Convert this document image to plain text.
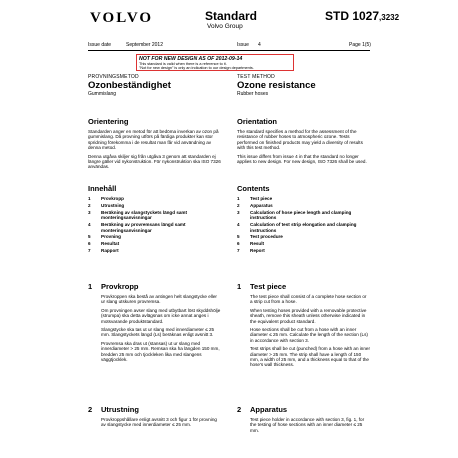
VOLVO	Standard
Volvo Group
STD 1027,3232
Issue date	September 2012	Issue 4	Page 1(5)
NOT FOR NEW DESIGN AS OF 2012-09-14
This standard is valid when there is a reference to it.
"Not for new design" is only an indication to our design departments.
PROVNINGSMETOD
Ozonbeständighet
Gummislang
Orientering
Standarden anger en metod för att bedöma inverkan av ozon på gummislang. Då provning utförs på färdiga produkter kan stor spridning förekomma i de resultat man får vid användning av denna metod.
Denna utgåva skiljer sig från utgåva 3 genom att standarden ej längre gäller vid nykonstruktion. För nykonstruktion ska ISO 7326 användas.
Innehåll
1	Provkropp
2	Utrustning
3	Beräkning av slangstyckets längd samt monteringsanvisningar
4	Beräkning av provremsans längd samt monteringsanvisningar
5	Provning
6	Resultat
7	Rapport
1	Provkropp
Provkroppen ska bestå av antingen helt slangstycke eller ur slang utskuren provremsa.
Om provningen avser slang med utbytbart löst skyddshölje (strumpa) ska detta avlägsnas om icke annat anges i motsvarande produktstandard.
Slangstycke ska tas ut ur slang med innerdiameter ≤ 25 mm. Slangstyckets längd (Ls) beräknas enligt avsnitt 3.
Provremsa ska dras ut (stansas) ut ur slang med innerdiameter > 25 mm. Remsan ska ha längden 150 mm, bredden 25 mm och tjockleken lika med slangens väggtjocklek.
2	Utrustning
Provkroppshållare enligt avsnitt 3 och figur 1 för provning av slangstycke med innerdiameter ≤ 25 mm.
TEST METHOD
Ozone resistance
Rubber hoses
Orientation
The standard specifies a method for the assessment of the resistance of rubber hoses to atmospheric ozone. Tests performed on finished products may yield a diversity of results with this test method.
This issue differs from issue 4 in that the standard no longer applies to new design. For new design, ISO 7326 shall be used.
Contents
1	Test piece
2	Apparatus
3	Calculation of hose piece length and clamping instructions
4	Calculation of test strip elongation and clamping instructions
5	Test procedure
6	Result
7	Report
1	Test piece
The test piece shall consist of a complete hose section or a strip cut from a hose.
When testing hoses provided with a removable protective sheath, remove this sheath unless otherwise indicated in the equivalent product standard.
Hose sections shall be cut from a hose with an inner diameter ≤ 25 mm. Calculate the length of the section (Ls) in accordance with section 3.
Test strips shall be cut (punched) from a hose with an inner diameter > 25 mm. The strip shall have a length of 150 mm, a width of 25 mm, and a thickness equal to that of the hose's wall thickness.
2	Apparatus
Test piece holder in accordance with section 3, fig. 1, for the testing of hose sections with an inner diameter ≤ 25 mm.
